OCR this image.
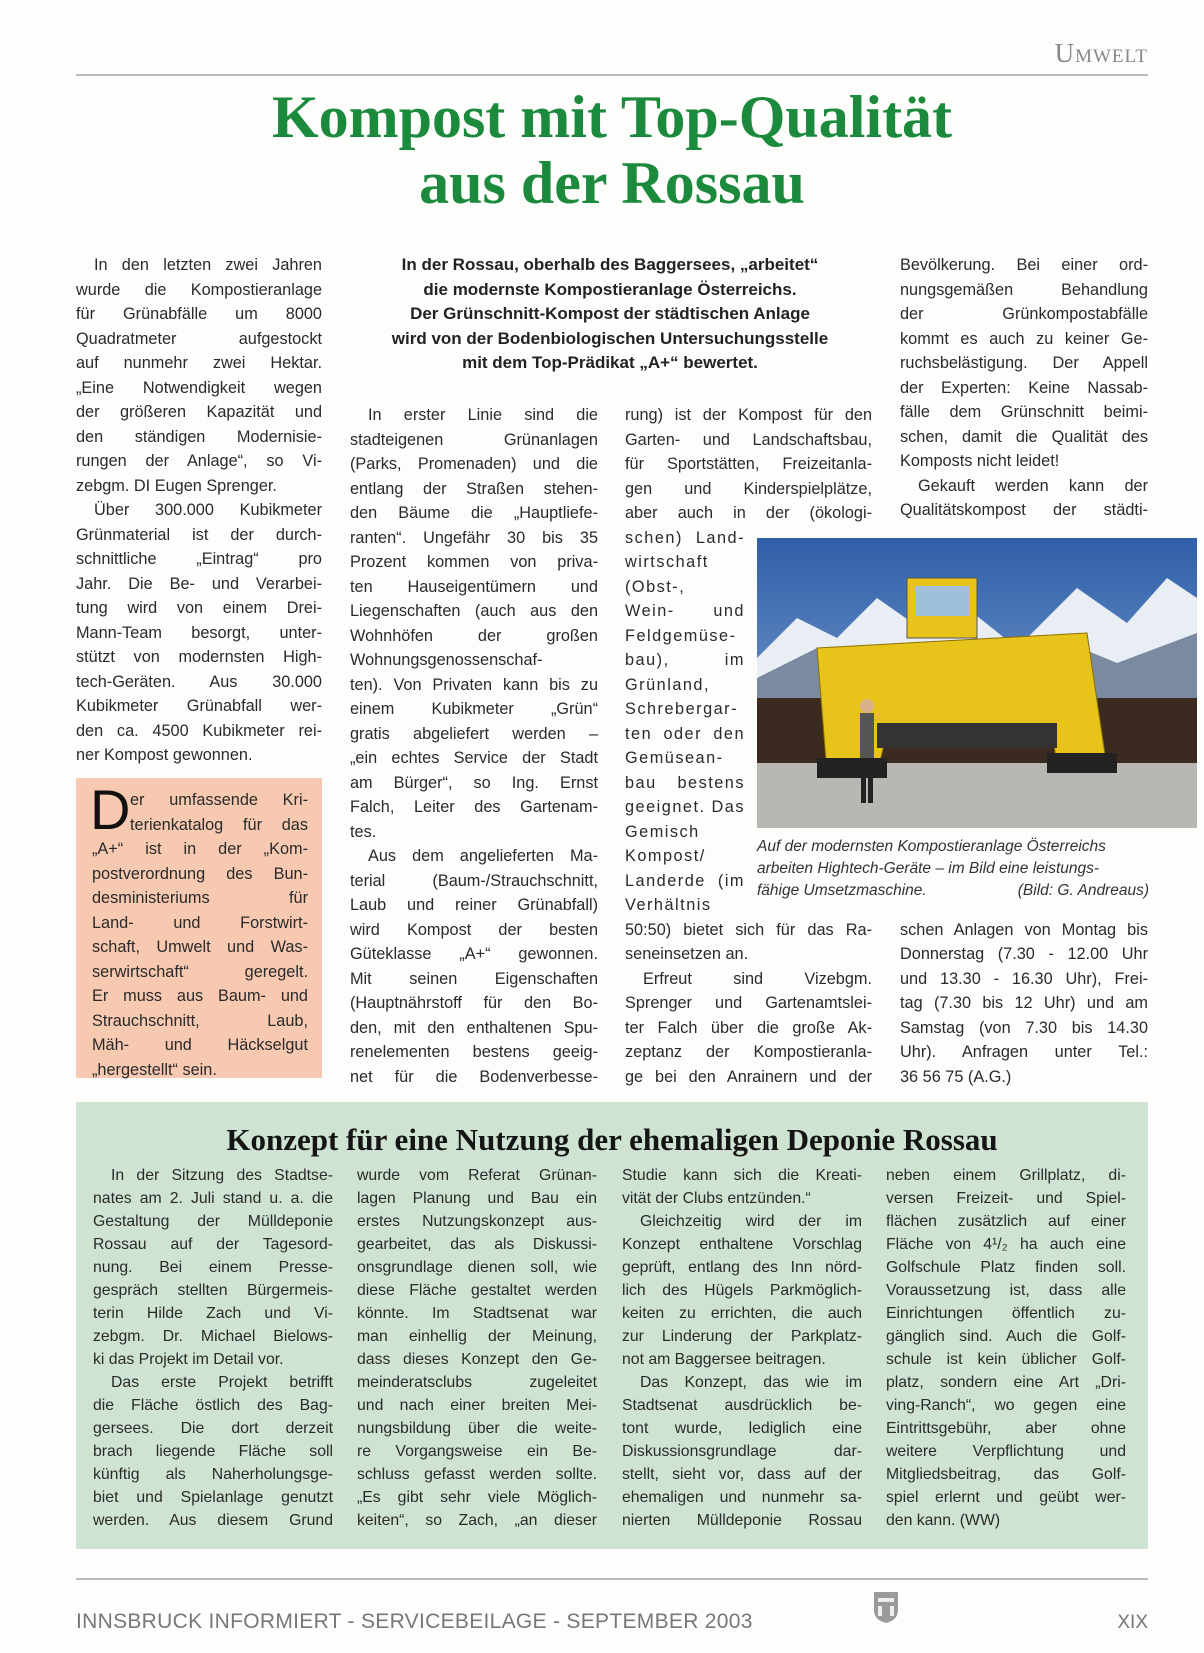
Umwelt
Kompost mit Top-Qualität
aus der Rossau
In den letzten zwei Jahren
wurde die Kompostieranlage
für Grünabfälle um 8000
Quadratmeter aufgestockt
auf nunmehr zwei Hektar.
„Eine Notwendigkeit wegen
der größeren Kapazität und
den ständigen Modernisie-
rungen der Anlage“, so Vi-
zebgm. DI Eugen Sprenger.
Über 300.000 Kubikmeter
Grünmaterial ist der durch-
schnittliche „Eintrag“ pro
Jahr. Die Be- und Verarbei-
tung wird von einem Drei-
Mann-Team besorgt, unter-
stützt von modernsten High-
tech-Geräten. Aus 30.000
Kubikmeter Grünabfall wer-
den ca. 4500 Kubikmeter rei-
ner Kompost gewonnen.
D er umfassende Kri-
terienkatalog für das
„A+“ ist in der „Kom-
postverordnung des Bun-
desministeriums für
Land- und Forstwirt-
schaft, Umwelt und Was-
serwirtschaft“ geregelt.
Er muss aus Baum- und
Strauchschnitt, Laub,
Mäh- und Häckselgut
„hergestellt“ sein.
In der Rossau, oberhalb des Baggersees, „arbeitet“
die modernste Kompostieranlage Österreichs.
Der Grünschnitt-Kompost der städtischen Anlage
wird von der Bodenbiologischen Untersuchungsstelle
mit dem Top-Prädikat „A+“ bewertet.
In erster Linie sind die
stadteigenen Grünanlagen
(Parks, Promenaden) und die
entlang der Straßen stehen-
den Bäume die „Hauptliefe-
ranten“. Ungefähr 30 bis 35
Prozent kommen von priva-
ten Hauseigentümern und
Liegenschaften (auch aus den
Wohnhöfen der großen
Wohnungsgenossenschaf-
ten). Von Privaten kann bis zu
einem Kubikmeter „Grün“
gratis abgeliefert werden –
„ein echtes Service der Stadt
am Bürger“, so Ing. Ernst
Falch, Leiter des Gartenam-
tes.
Aus dem angelieferten Ma-
terial (Baum-/Strauchschnitt,
Laub und reiner Grünabfall)
wird Kompost der besten
Güteklasse „A+“ gewonnen.
Mit seinen Eigenschaften
(Hauptnährstoff für den Bo-
den, mit den enthaltenen Spu-
renelementen bestens geeig-
net für die Bodenverbesse-
rung) ist der Kompost für den
Garten- und Landschaftsbau,
für Sportstätten, Freizeitanla-
gen und Kinderspielplätze,
aber auch in der (ökologi-
schen) Land-
wirtschaft
(Obst-,
Wein- und
Feldgemüse-
bau), im
Grünland,
Schrebergar-
ten oder den
Gemüsean-
bau bestens
geeignet. Das
Gemisch
Kompost/
Landerde (im
Verhältnis
50:50) bietet sich für das Ra-
seneinsetzen an.
Erfreut sind Vizebgm.
Sprenger und Gartenamtslei-
ter Falch über die große Ak-
zeptanz der Kompostieranla-
ge bei den Anrainern und der
Bevölkerung. Bei einer ord-
nungsgemäßen Behandlung
der Grünkompostabfälle
kommt es auch zu keiner Ge-
ruchsbelästigung. Der Appell
der Experten: Keine Nassab-
fälle dem Grünschnitt beimi-
schen, damit die Qualität des
Komposts nicht leidet!
Gekauft werden kann der
Qualitätskompost der städti-
schen Anlagen von Montag bis
Donnerstag (7.30 - 12.00 Uhr
und 13.30 - 16.30 Uhr), Frei-
tag (7.30 bis 12 Uhr) und am
Samstag (von 7.30 bis 14.30
Uhr). Anfragen unter Tel.:
36 56 75 (A.G.)
Auf der modernsten Kompostieranlage Österreichs
arbeiten Hightech-Geräte – im Bild eine leistungs-
fähige Umsetzmaschine.	(Bild: G. Andreaus)
Konzept für eine Nutzung der ehemaligen Deponie Rossau
In der Sitzung des Stadtse-
nates am 2. Juli stand u. a. die
Gestaltung der Mülldeponie
Rossau auf der Tagesord-
nung. Bei einem Presse-
gespräch stellten Bürgermeis-
terin Hilde Zach und Vi-
zebgm. Dr. Michael Bielows-
ki das Projekt im Detail vor.
Das erste Projekt betrifft
die Fläche östlich des Bag-
gersees. Die dort derzeit
brach liegende Fläche soll
künftig als Naherholungsge-
biet und Spielanlage genutzt
werden. Aus diesem Grund
wurde vom Referat Grünan-
lagen Planung und Bau ein
erstes Nutzungskonzept aus-
gearbeitet, das als Diskussi-
onsgrundlage dienen soll, wie
diese Fläche gestaltet werden
könnte. Im Stadtsenat war
man einhellig der Meinung,
dass dieses Konzept den Ge-
meinderatsclubs zugeleitet
und nach einer breiten Mei-
nungsbildung über die weite-
re Vorgangsweise ein Be-
schluss gefasst werden sollte.
„Es gibt sehr viele Möglich-
keiten“, so Zach, „an dieser
Studie kann sich die Kreati-
vität der Clubs entzünden.“
Gleichzeitig wird der im
Konzept enthaltene Vorschlag
geprüft, entlang des Inn nörd-
lich des Hügels Parkmöglich-
keiten zu errichten, die auch
zur Linderung der Parkplatz-
not am Baggersee beitragen.
Das Konzept, das wie im
Stadtsenat ausdrücklich be-
tont wurde, lediglich eine
Diskussionsgrundlage dar-
stellt, sieht vor, dass auf der
ehemaligen und nunmehr sa-
nierten Mülldeponie Rossau
neben einem Grillplatz, di-
versen Freizeit- und Spiel-
flächen zusätzlich auf einer
Fläche von 4¹/₂ ha auch eine
Golfschule Platz finden soll.
Voraussetzung ist, dass alle
Einrichtungen öffentlich zu-
gänglich sind. Auch die Golf-
schule ist kein üblicher Golf-
platz, sondern eine Art „Dri-
ving-Ranch“, wo gegen eine
Eintrittsgebühr, aber ohne
weitere Verpflichtung und
Mitgliedsbeitrag, das Golf-
spiel erlernt und geübt wer-
den kann. (WW)
INNSBRUCK INFORMIERT - SERVICEBEILAGE - SEPTEMBER 2003	XIX
